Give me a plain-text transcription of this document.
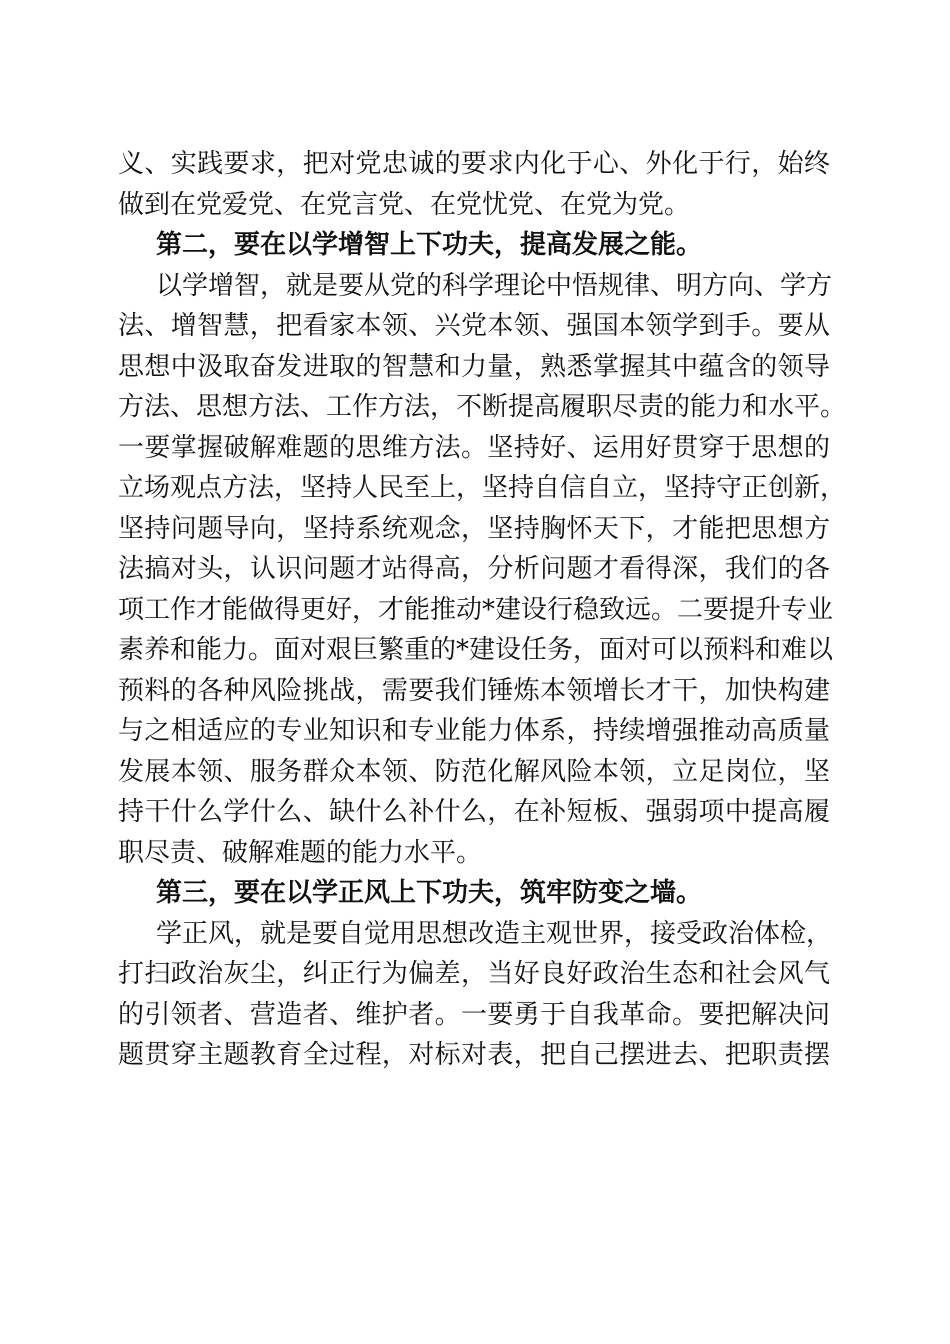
义、实践要求，把对党忠诚的要求内化于心、外化于行，始终
做到在党爱党、在党言党、在党忧党、在党为党。
第二，要在以学增智上下功夫，提高发展之能。
以学增智，就是要从党的科学理论中悟规律、明方向、学方
法、增智慧，把看家本领、兴党本领、强国本领学到手。要从
思想中汲取奋发进取的智慧和力量，熟悉掌握其中蕴含的领导
方法、思想方法、工作方法，不断提高履职尽责的能力和水平。
一要掌握破解难题的思维方法。坚持好、运用好贯穿于思想的
立场观点方法，坚持人民至上，坚持自信自立，坚持守正创新，
坚持问题导向，坚持系统观念，坚持胸怀天下，才能把思想方
法搞对头，认识问题才站得高，分析问题才看得深，我们的各
项工作才能做得更好，才能推动*建设行稳致远。二要提升专业
素养和能力。面对艰巨繁重的*建设任务，面对可以预料和难以
预料的各种风险挑战，需要我们锤炼本领增长才干，加快构建
与之相适应的专业知识和专业能力体系，持续增强推动高质量
发展本领、服务群众本领、防范化解风险本领，立足岗位，坚
持干什么学什么、缺什么补什么，在补短板、强弱项中提高履
职尽责、破解难题的能力水平。
第三，要在以学正风上下功夫，筑牢防变之墙。
学正风，就是要自觉用思想改造主观世界，接受政治体检，
打扫政治灰尘，纠正行为偏差，当好良好政治生态和社会风气
的引领者、营造者、维护者。一要勇于自我革命。要把解决问
题贯穿主题教育全过程，对标对表，把自己摆进去、把职责摆
